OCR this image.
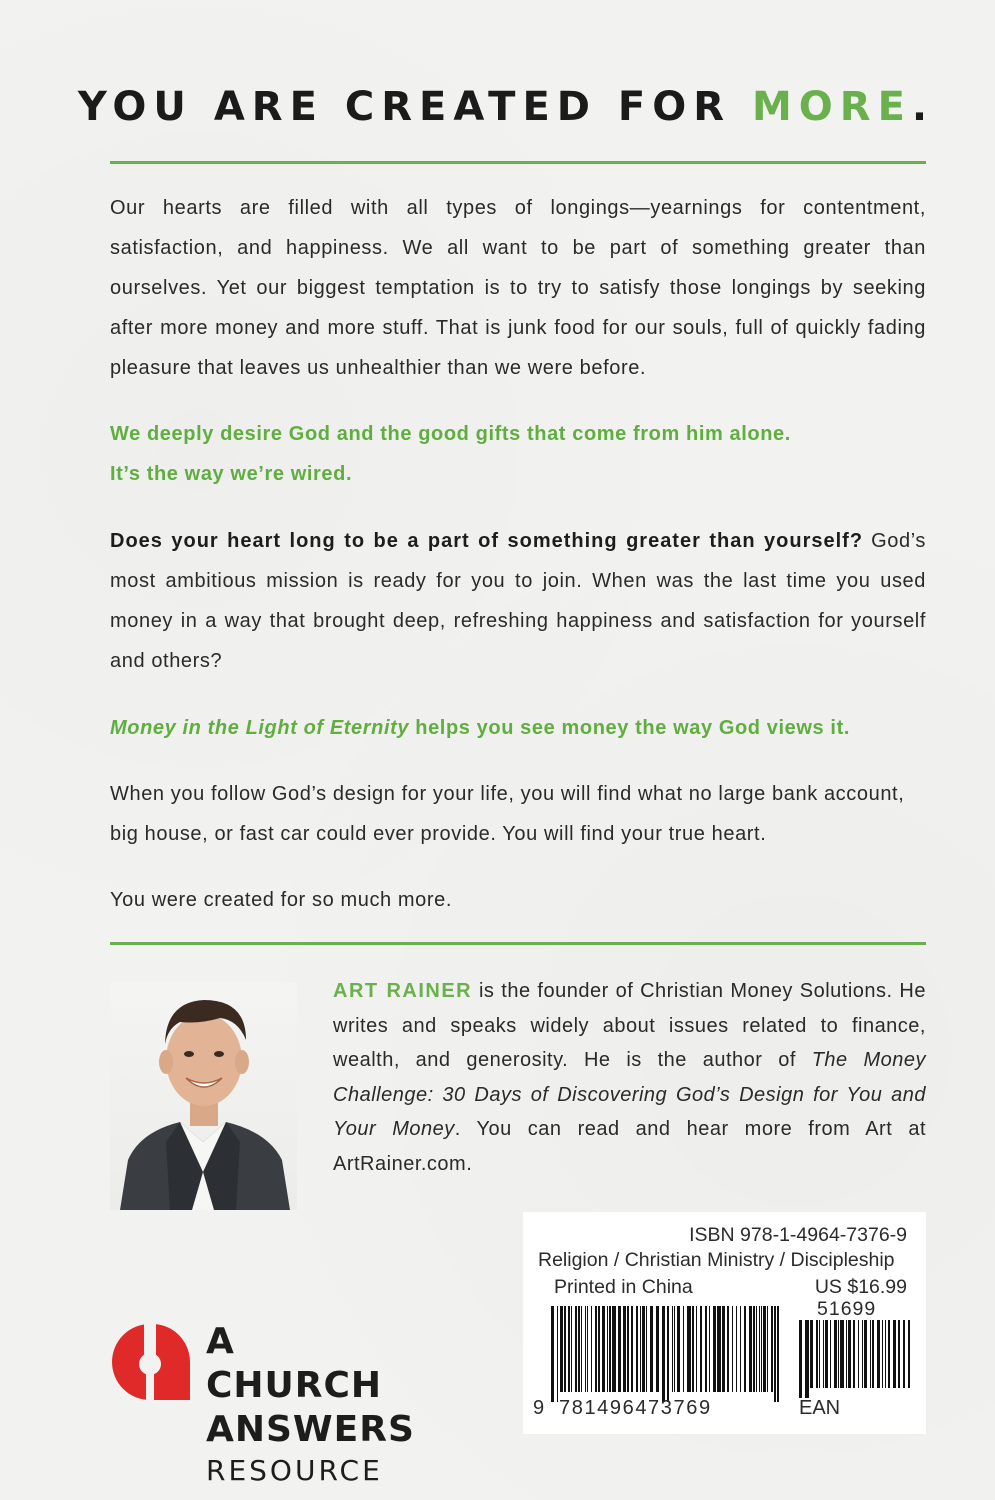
YOU ARE CREATED FOR MORE.
Our hearts are filled with all types of longings—yearnings for contentment, satisfaction, and happiness. We all want to be part of something greater than ourselves. Yet our biggest temptation is to try to satisfy those longings by seeking after more money and more stuff. That is junk food for our souls, full of quickly fading pleasure that leaves us unhealthier than we were before.
We deeply desire God and the good gifts that come from him alone.
It’s the way we’re wired.
Does your heart long to be a part of something greater than yourself? God’s most ambitious mission is ready for you to join. When was the last time you used money in a way that brought deep, refreshing happiness and satisfaction for yourself and others?
Money in the Light of Eternity helps you see money the way God views it.
When you follow God’s design for your life, you will find what no large bank account, big house, or fast car could ever provide. You will find your true heart.
You were created for so much more.
ART RAINER is the founder of Christian Money Solutions. He writes and speaks widely about issues related to finance, wealth, and generosity. He is the author of The Money Challenge: 30 Days of Discovering God’s Design for You and Your Money. You can read and hear more from Art at ArtRainer.com.
A CHURCH
ANSWERS
RESOURCE
ISBN 978-1-4964-7376-9
Religion / Christian Ministry / Discipleship
Printed in China	US $16.99
51699
9 781496473769	EAN
